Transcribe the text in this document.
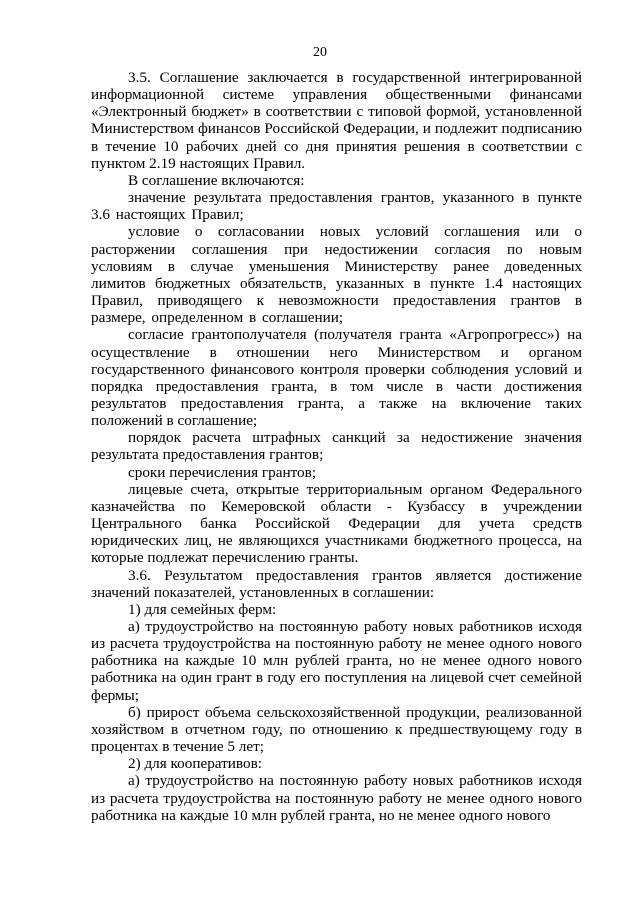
20

3.5. Соглашение заключается в государственной интегрированной информационной системе управления общественными финансами «Электронный бюджет» в соответствии с типовой формой, установленной Министерством финансов Российской Федерации, и подлежит подписанию в течение 10 рабочих дней со дня принятия решения в соответствии с пунктом 2.19 настоящих Правил.

В соглашение включаются:

значение результата предоставления грантов, указанного в пункте 3.6 настоящих Правил;

условие о согласовании новых условий соглашения или о расторжении соглашения при недостижении согласия по новым условиям в случае уменьшения Министерству ранее доведенных лимитов бюджетных обязательств, указанных в пункте 1.4 настоящих Правил, приводящего к невозможности предоставления грантов в размере, определенном в соглашении;

согласие грантополучателя (получателя гранта «Агропрогресс») на осуществление в отношении него Министерством и органом государственного финансового контроля проверки соблюдения условий и порядка предоставления гранта, в том числе в части достижения результатов предоставления гранта, а также на включение таких положений в соглашение;

порядок расчета штрафных санкций за недостижение значения результата предоставления грантов;

сроки перечисления грантов;

лицевые счета, открытые территориальным органом Федерального казначейства по Кемеровской области - Кузбассу в учреждении Центрального банка Российской Федерации для учета средств юридических лиц, не являющихся участниками бюджетного процесса, на которые подлежат перечислению гранты.

3.6. Результатом предоставления грантов является достижение значений показателей, установленных в соглашении:

1) для семейных ферм:

а) трудоустройство на постоянную работу новых работников исходя из расчета трудоустройства на постоянную работу не менее одного нового работника на каждые 10 млн рублей гранта, но не менее одного нового работника на один грант в году его поступления на лицевой счет семейной фермы;

б) прирост объема сельскохозяйственной продукции, реализованной хозяйством в отчетном году, по отношению к предшествующему году в процентах в течение 5 лет;

2) для кооперативов:

а) трудоустройство на постоянную работу новых работников исходя из расчета трудоустройства на постоянную работу не менее одного нового работника на каждые 10 млн рублей гранта, но не менее одного нового
